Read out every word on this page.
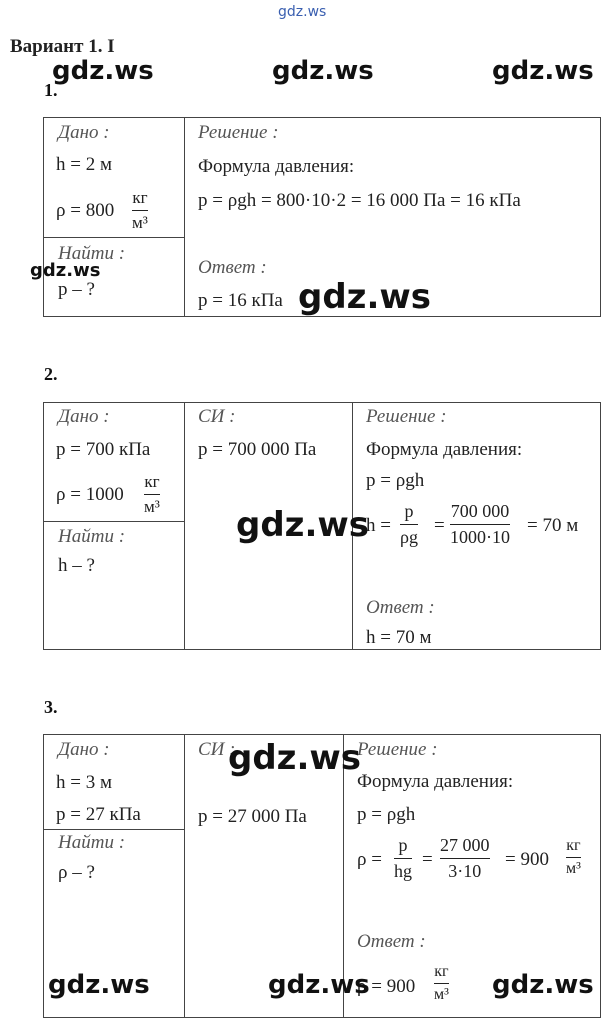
gdz.ws
Вариант 1. І
gdz.ws	gdz.ws	gdz.ws
1.
Дано :
h = 2 м
ρ = 800
кг
м³
Найти :
p – ?
Решение :
Формула давления:
p = ρgh = 800·10·2 = 16 000 Па = 16 кПа
Ответ :
p = 16 кПа
gdz.ws
gdz.ws
2.
Дано :
p = 700 кПа
ρ = 1000
кг
м³
Найти :
h – ?
СИ :
p = 700 000 Па
Решение :
Формула давления:
p = ρgh
h =
p
ρg
=
700 000
1000·10
= 70 м
Ответ :
h = 70 м
gdz.ws
3.
Дано :
h = 3 м
p = 27 кПа
Найти :
ρ – ?
СИ :
p = 27 000 Па
Решение :
Формула давления:
p = ρgh
ρ =
p
hg
=
27 000
3·10
= 900
кг
м³
Ответ :
ρ = 900
кг
м³
gdz.ws
gdz.ws	gdz.ws	gdz.ws
